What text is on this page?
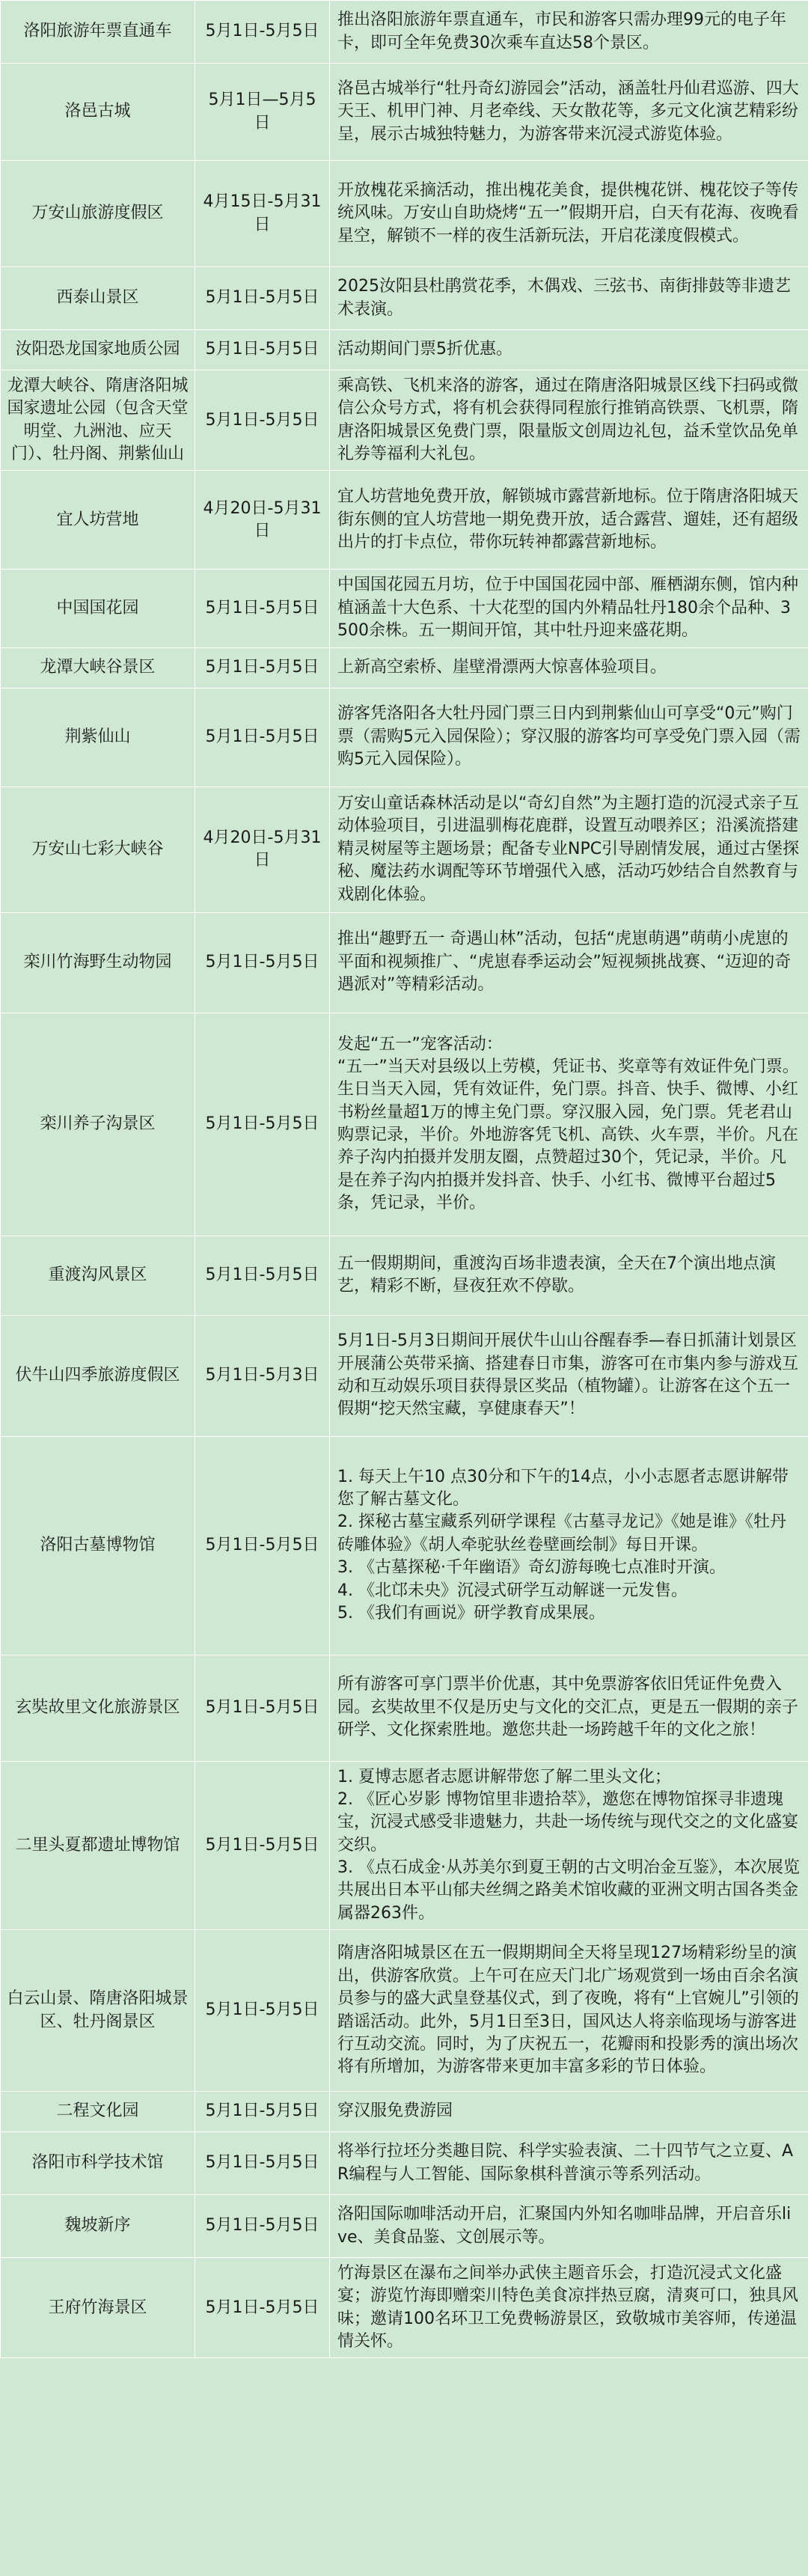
洛阳旅游年票直通车	5月1日-5月5日	推出洛阳旅游年票直通车，市民和游客只需办理99元的电子年卡，即可全年免费30次乘车直达58个景区。
洛邑古城	5月1日—5月5日	洛邑古城举行“牡丹奇幻游园会”活动，涵盖牡丹仙君巡游、四大天王、机甲门神、月老牵线、天女散花等，多元文化演艺精彩纷呈，展示古城独特魅力，为游客带来沉浸式游览体验。
万安山旅游度假区	4月15日-5月31日	开放槐花采摘活动，推出槐花美食，提供槐花饼、槐花饺子等传统风味。万安山自助烧烤“五一”假期开启，白天有花海、夜晚看星空，解锁不一样的夜生活新玩法，开启花漾度假模式。
西泰山景区	5月1日-5月5日	2025汝阳县杜鹃赏花季，木偶戏、三弦书、南街排鼓等非遗艺术表演。
汝阳恐龙国家地质公园	5月1日-5月5日	活动期间门票5折优惠。
龙潭大峡谷、隋唐洛阳城国家遗址公园（包含天堂明堂、九洲池、应天门）、牡丹阁、荆紫仙山	5月1日-5月5日	乘高铁、飞机来洛的游客，通过在隋唐洛阳城景区线下扫码或微信公众号方式，将有机会获得同程旅行推销高铁票、飞机票，隋唐洛阳城景区免费门票，限量版文创周边礼包，益禾堂饮品免单礼券等福利大礼包。
宜人坊营地	4月20日-5月31日	宜人坊营地免费开放，解锁城市露营新地标。位于隋唐洛阳城天街东侧的宜人坊营地一期免费开放，适合露营、遛娃，还有超级出片的打卡点位，带你玩转神都露营新地标。
中国国花园	5月1日-5月5日	中国国花园五月坊，位于中国国花园中部、雁栖湖东侧，馆内种植涵盖十大色系、十大花型的国内外精品牡丹180余个品种、3500余株。五一期间开馆，其中牡丹迎来盛花期。
龙潭大峡谷景区	5月1日-5月5日	上新高空索桥、崖壁滑漂两大惊喜体验项目。
荆紫仙山	5月1日-5月5日	游客凭洛阳各大牡丹园门票三日内到荆紫仙山可享受“0元”购门票（需购5元入园保险）；穿汉服的游客均可享受免门票入园（需购5元入园保险）。
万安山七彩大峡谷	4月20日-5月31日	万安山童话森林活动是以“奇幻自然”为主题打造的沉浸式亲子互动体验项目，引进温驯梅花鹿群，设置互动喂养区；沿溪流搭建精灵树屋等主题场景；配备专业NPC引导剧情发展，通过古堡探秘、魔法药水调配等环节增强代入感，活动巧妙结合自然教育与戏剧化体验。
栾川竹海野生动物园	5月1日-5月5日	推出“趣野五一 奇遇山林”活动，包括“虎崽萌遇”萌萌小虎崽的平面和视频推广、“虎崽春季运动会”短视频挑战赛、“迈迎的奇遇派对”等精彩活动。
栾川养子沟景区	5月1日-5月5日	发起“五一”宠客活动：
“五一”当天对县级以上劳模，凭证书、奖章等有效证件免门票。生日当天入园，凭有效证件，免门票。抖音、快手、微博、小红书粉丝量超1万的博主免门票。穿汉服入园，免门票。凭老君山购票记录，半价。外地游客凭飞机、高铁、火车票，半价。凡在养子沟内拍摄并发朋友圈，点赞超过30个，凭记录，半价。凡是在养子沟内拍摄并发抖音、快手、小红书、微博平台超过5条，凭记录，半价。
重渡沟风景区	5月1日-5月5日	五一假期期间，重渡沟百场非遗表演，全天在7个演出地点演艺，精彩不断，昼夜狂欢不停歇。
伏牛山四季旅游度假区	5月1日-5月3日	5月1日-5月3日期间开展伏牛山山谷醒春季—春日抓蒲计划景区开展蒲公英带采摘、搭建春日市集，游客可在市集内参与游戏互动和互动娱乐项目获得景区奖品（植物罐）。让游客在这个五一假期“挖天然宝藏，享健康春天”！
洛阳古墓博物馆	5月1日-5月5日	1. 每天上午10 点30分和下午的14点，小小志愿者志愿讲解带您了解古墓文化。
2. 探秘古墓宝藏系列研学课程《古墓寻龙记》《她是谁》《牡丹砖雕体验》《胡人牵驼驮丝卷壁画绘制》每日开课。
3. 《古墓探秘·千年幽语》奇幻游每晚七点准时开演。
4. 《北邙未央》沉浸式研学互动解谜一元发售。
5. 《我们有画说》研学教育成果展。
玄奘故里文化旅游景区	5月1日-5月5日	所有游客可享门票半价优惠，其中免票游客依旧凭证件免费入园。玄奘故里不仅是历史与文化的交汇点，更是五一假期的亲子研学、文化探索胜地。邀您共赴一场跨越千年的文化之旅！
二里头夏都遗址博物馆	5月1日-5月5日	1. 夏博志愿者志愿讲解带您了解二里头文化；
2. 《匠心岁影 博物馆里非遗拾萃》，邀您在博物馆探寻非遗瑰宝，沉浸式感受非遗魅力，共赴一场传统与现代交之的文化盛宴交织。
3. 《点石成金·从苏美尔到夏王朝的古文明冶金互鉴》，本次展览共展出日本平山郁夫丝绸之路美术馆收藏的亚洲文明古国各类金属器263件。
白云山景、隋唐洛阳城景区、牡丹阁景区	5月1日-5月5日	隋唐洛阳城景区在五一假期期间全天将呈现127场精彩纷呈的演出，供游客欣赏。上午可在应天门北广场观赏到一场由百余名演员参与的盛大武皇登基仪式，到了夜晚，将有“上官婉儿”引领的踏谣活动。此外，5月1日至3日，国风达人将亲临现场与游客进行互动交流。同时，为了庆祝五一，花瓣雨和投影秀的演出场次将有所增加，为游客带来更加丰富多彩的节日体验。
二程文化园	5月1日-5月5日	穿汉服免费游园
洛阳市科学技术馆	5月1日-5月5日	将举行拉坯分类趣目院、科学实验表演、二十四节气之立夏、AR编程与人工智能、国际象棋科普演示等系列活动。
魏坡新序	5月1日-5月5日	洛阳国际咖啡活动开启，汇聚国内外知名咖啡品牌，开启音乐live、美食品鉴、文创展示等。
王府竹海景区	5月1日-5月5日	竹海景区在瀑布之间举办武侠主题音乐会，打造沉浸式文化盛宴；游览竹海即赠栾川特色美食凉拌热豆腐，清爽可口，独具风味；邀请100名环卫工免费畅游景区，致敬城市美容师，传递温情关怀。
